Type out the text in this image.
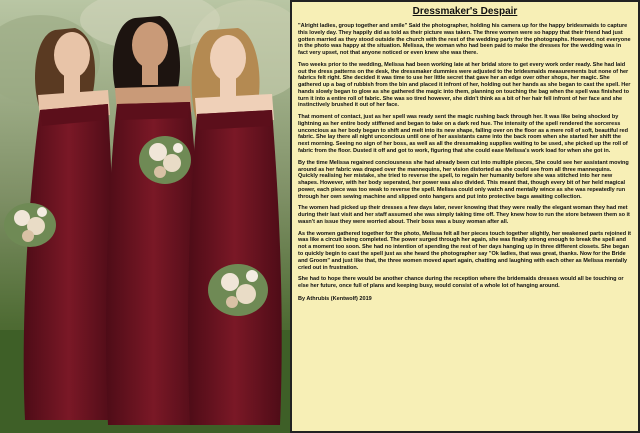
Dressmaker's Despair

"Alright ladies, group together and smile" Said the photographer, holding his camera up for the happy bridesmaids to capture this lovely day. They happily did as told as their picture was taken. The three women were so happy that their friend had just gotten married as they stood outside the church with the rest of the wedding party for the photographs. However, not everyone in the photo was happy at the situation. Melissa, the woman who had been paid to make the dresses for the wedding was in fact very upset, not that anyone noticed or even knew she was there.

Two weeks prior to the wedding, Melissa had been working late at her bridal store to get every work order ready. She had laid out the dress patterns on the desk, the dressmaker dummies were adjusted to the bridesmaids measurements but none of her fabrics felt right. She decided it was time to use her little secret that gave her an edge over other shops, her magic. She gathered up a bag of rubbish from the bin and placed it infront of her, holding out her hands as she began to cast the spell. Her hands slowly began to glow as she gathered the magic into them, planning on touching the bag when the spell was finished to turn it into a entire roll of fabric. She was so tired however, she didn't think as a bit of her hair fell infront of her face and she instinctively brushed it out of her face.

That moment of contact, just as her spell was ready sent the magic rushing back through her. It was like being shocked by lightning as her entire body stiffened and began to take on a dark red hue. The intensity of the spell rendered the sorceress unconcious as her body began to shift and melt into its new shape, falling over on the floor as a mere roll of soft, beautiful red fabric. She lay there all night unconcious until one of her assistants came into the back room when she started her shift the next morning. Seeing no sign of her boss, as well as all the dressmaking supplies waiting to be used, she picked up the roll of fabric from the floor. Dusted it off and got to work, figuring that she could ease Melissa's work load for when she got in.

By the time Melissa regained conciousness she had already been cut into multiple pieces, She could see her assistant moving around as her fabric was draped over the mannequins, her vision distorted as she could see from all three mannequins. Quickly realising her mistake, she tried to reverse the spell, to regain her humanity before she was stitched into her new shapes. However, with her body seperated, her power was also divided. This meant that, though every bit of her held magical power, each piece was too weak to reverse the spell. Melissa could only watch and mentally wince as she was repeatedly run through her own sewing machine and slipped onto hangers and put into protective bags awaiting collection.

The women had picked up their dresses a few days later, never knowing that they were really the elegant woman they had met during their last visit and her staff assumed she was simply taking time off. They knew how to run the store between them so it wasn't an issue they were worried about. Their boss was a busy woman after all.

As the women gathered together for the photo, Melissa felt all her pieces touch together slightly, her weakened parts rejoined it was like a circuit being completed. The power surged through her again, she was finally strong enough to break the spell and not a moment too soon. She had no intention of spending the rest of her days hanging up in three different closets. She began to quickly begin to cast the spell just as she heard the photographer say "Ok ladies, that was great, thanks. Now for the Bride and Groom" and just like that, the three women moved apart again, chatting and laughing with each other as Melissa mentally cried out in frustration.

She had to hope there would be another chance during the reception where the bridemaids dresses would all be touching or else her future, once full of plans and keeping busy, would consist of a whole lot of hanging around.

By Athrubis (Kentwolf) 2019
